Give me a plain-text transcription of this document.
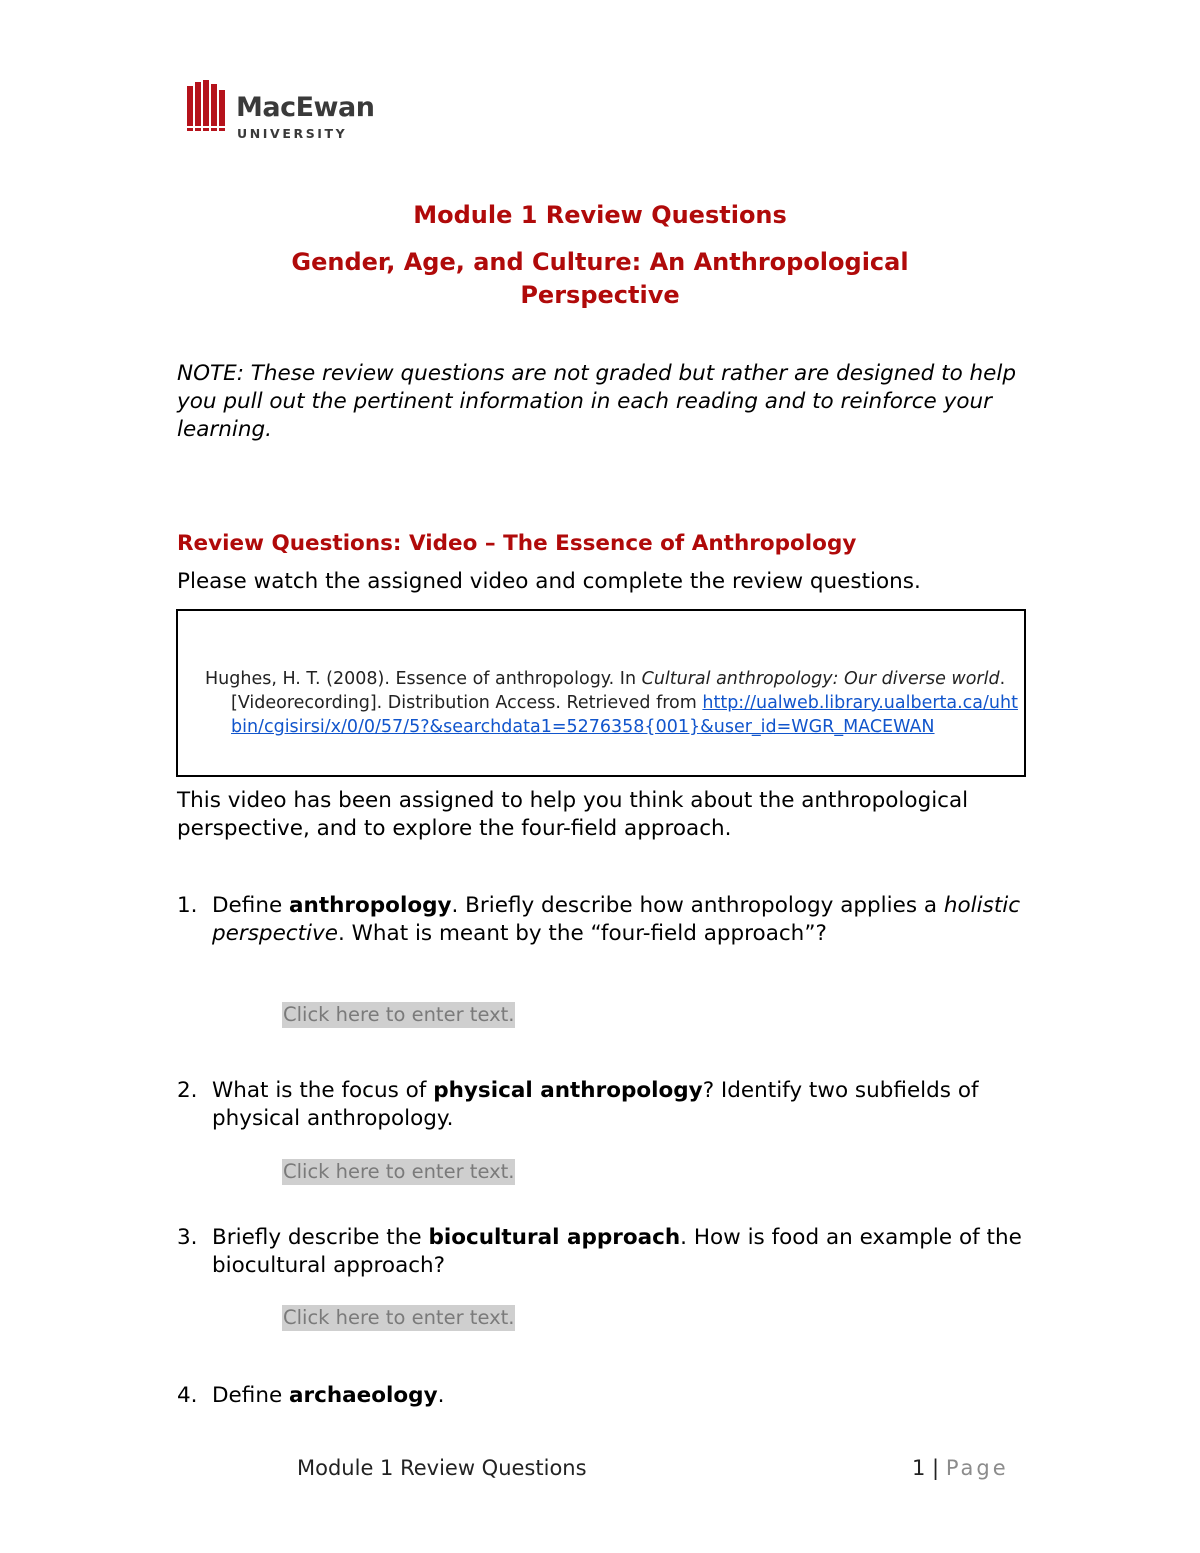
MacEwan
UNIVERSITY
Module 1 Review Questions
Gender, Age, and Culture: An Anthropological Perspective
NOTE: These review questions are not graded but rather are designed to help you pull out the pertinent information in each reading and to reinforce your learning.
Review Questions: Video – The Essence of Anthropology
Please watch the assigned video and complete the review questions.
Hughes, H. T. (2008). Essence of anthropology. In Cultural anthropology: Our diverse world. [Videorecording]. Distribution Access. Retrieved from http://ualweb.library.ualberta.ca/uhtbin/cgisirsi/x/0/0/57/5?&searchdata1=5276358{001}&user_id=WGR_MACEWAN
This video has been assigned to help you think about the anthropological perspective, and to explore the four-field approach.
1. Define anthropology. Briefly describe how anthropology applies a holistic perspective. What is meant by the “four-field approach”?
Click here to enter text.
2. What is the focus of physical anthropology? Identify two subfields of physical anthropology.
Click here to enter text.
3. Briefly describe the biocultural approach. How is food an example of the biocultural approach?
Click here to enter text.
4. Define archaeology.
Module 1 Review Questions	1 | Page
